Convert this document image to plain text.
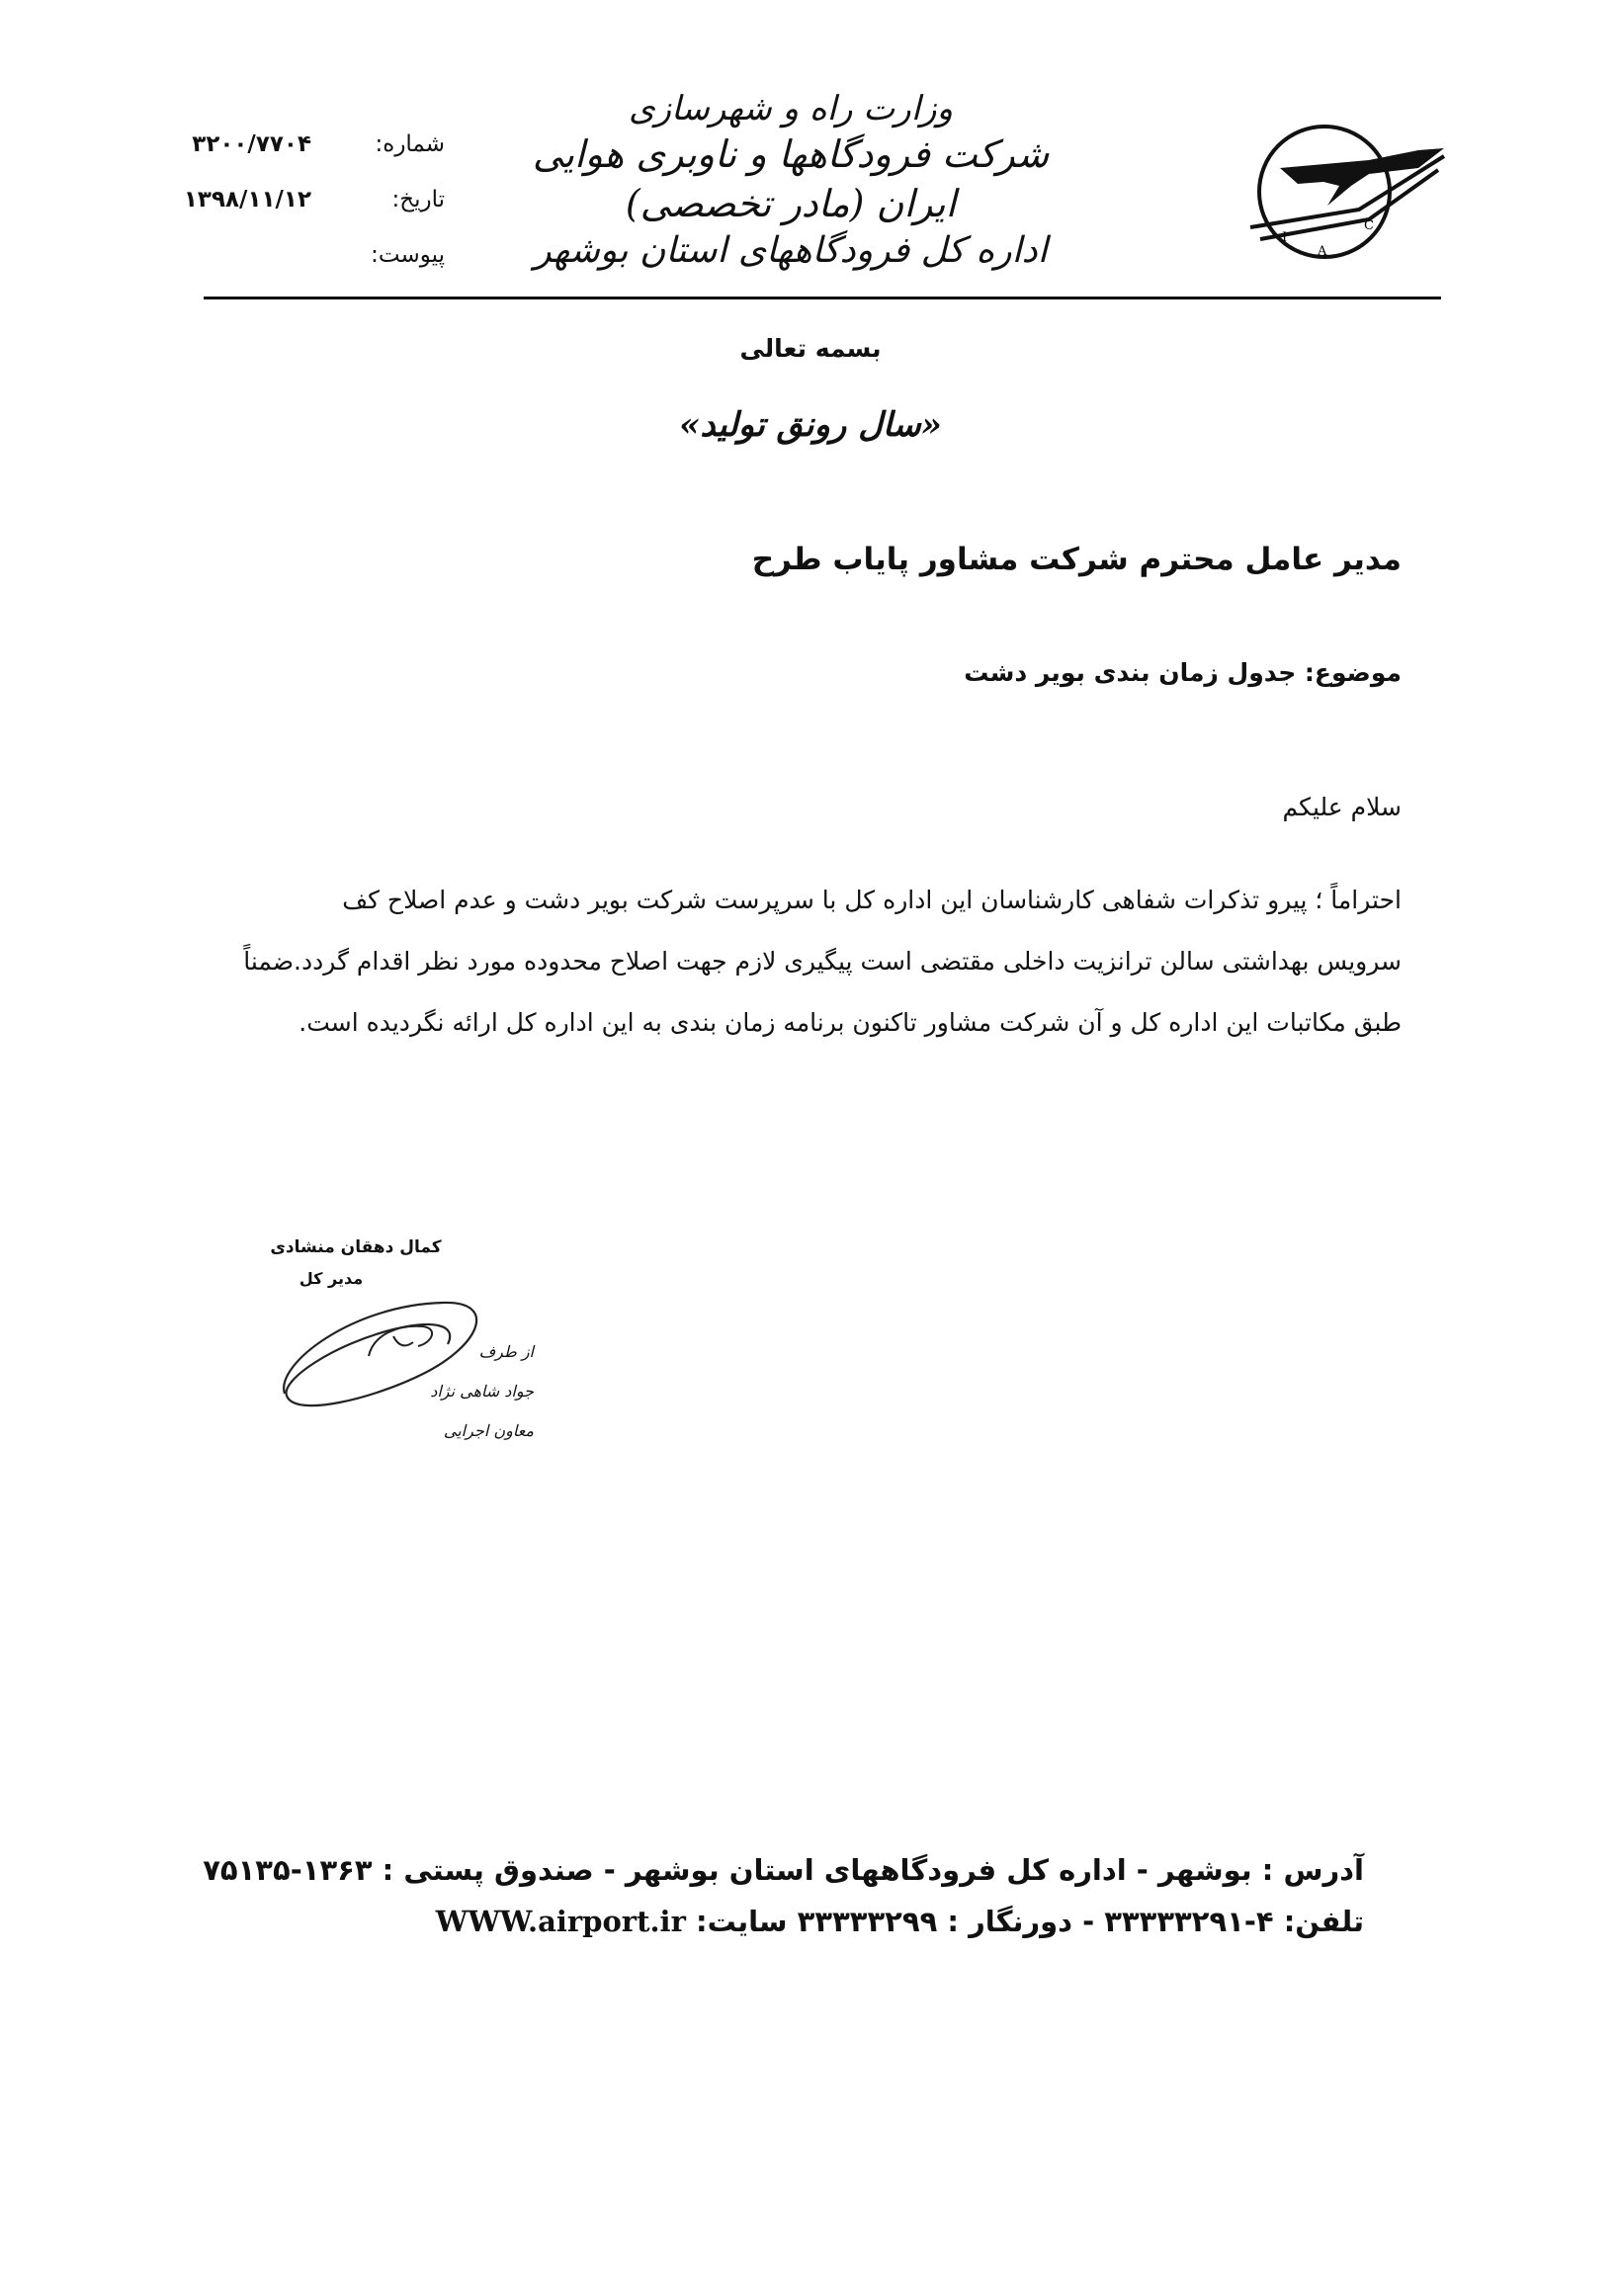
I
C
A
وزارت راه و شهرسازی
شرکت فرودگاهها و ناوبری هوایی ایران (مادر تخصصی)
اداره کل فرودگاههای استان بوشهر
شماره:
۳۲۰۰/۷۷۰۴
تاریخ:
۱۳۹۸/۱۱/۱۲
پیوست:
بسمه تعالی
«سال رونق تولید»
مدیر عامل محترم شرکت مشاور پایاب طرح
موضوع: جدول زمان بندی بویر دشت
سلام علیکم
احتراماً ؛ پیرو تذکرات شفاهی کارشناسان این اداره کل با سرپرست شرکت بویر دشت و عدم اصلاح کف
سرویس بهداشتی سالن ترانزیت داخلی مقتضی است پیگیری لازم جهت اصلاح محدوده مورد نظر اقدام گردد.ضمناً
طبق مکاتبات این اداره کل و آن شرکت مشاور تاکنون برنامه زمان بندی به این اداره کل ارائه نگردیده است.
کمال دهقان منشادی
مدیر کل
از طرف
جواد شاهی نژاد
معاون اجرایی
آدرس : بوشهر - اداره کل فرودگاههای استان بوشهر - صندوق پستی : ۱۳۶۳-۷۵۱۳۵
تلفن: ۴-۳۳۳۳۳۲۹۱ - دورنگار : ۳۳۳۳۳۲۹۹ سایت: WWW.airport.ir
